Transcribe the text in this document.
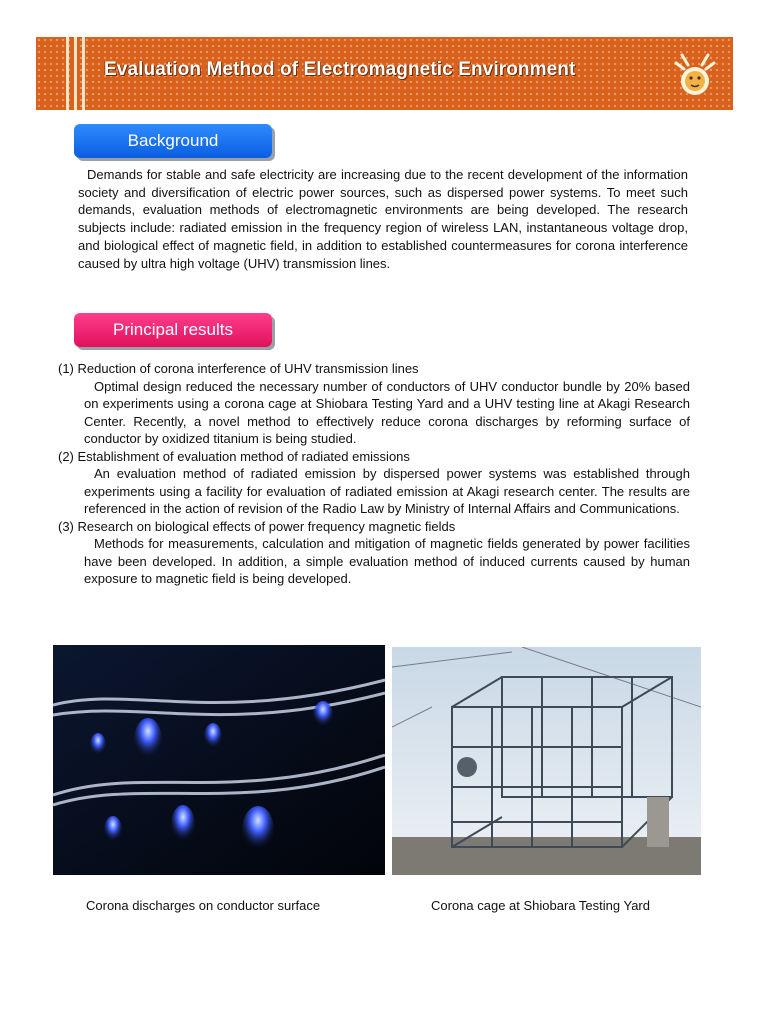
Evaluation Method of Electromagnetic Environment
Background

Demands for stable and safe electricity are increasing due to the recent development of the information society and diversification of electric power sources, such as dispersed power systems. To meet such demands, evaluation methods of electromagnetic environments are being developed. The research subjects include: radiated emission in the frequency region of wireless LAN, instantaneous voltage drop, and biological effect of magnetic field, in addition to established countermeasures for corona interference caused by ultra high voltage (UHV) transmission lines.

Principal results

(1) Reduction of corona interference of UHV transmission lines

Optimal design reduced the necessary number of conductors of UHV conductor bundle by 20% based on experiments using a corona cage at Shiobara Testing Yard and a UHV testing line at Akagi Research Center. Recently, a novel method to effectively reduce corona discharges by reforming surface of conductor by oxidized titanium is being studied.

(2) Establishment of evaluation method of radiated emissions

An evaluation method of radiated emission by dispersed power systems was established through experiments using a facility for evaluation of radiated emission at Akagi research center. The results are referenced in the action of revision of the Radio Law by Ministry of Internal Affairs and Communications.

(3) Research on biological effects of power frequency magnetic fields

Methods for measurements, calculation and mitigation of magnetic fields generated by power facilities have been developed. In addition, a simple evaluation method of induced currents caused by human exposure to magnetic field is being developed.

Corona discharges on conductor surface	Corona cage at Shiobara Testing Yard
